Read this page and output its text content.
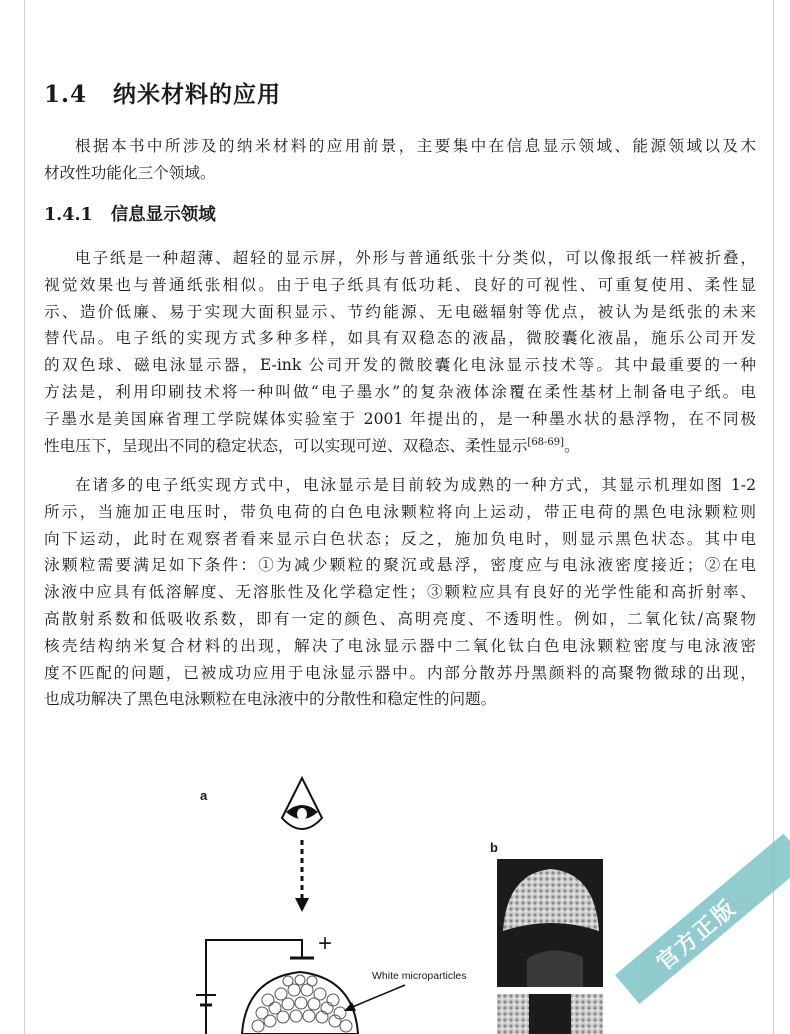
1.4 纳米材料的应用
根据本书中所涉及的纳米材料的应用前景，主要集中在信息显示领域、能源领域以及木
材改性功能化三个领域。
1.4.1 信息显示领域
电子纸是一种超薄、超轻的显示屏，外形与普通纸张十分类似，可以像报纸一样被折叠，
视觉效果也与普通纸张相似。由于电子纸具有低功耗、良好的可视性、可重复使用、柔性显
示、造价低廉、易于实现大面积显示、节约能源、无电磁辐射等优点，被认为是纸张的未来
替代品。电子纸的实现方式多种多样，如具有双稳态的液晶，微胶囊化液晶，施乐公司开发
的双色球、磁电泳显示器，E-ink 公司开发的微胶囊化电泳显示技术等。其中最重要的一种
方法是，利用印刷技术将一种叫做“电子墨水”的复杂液体涂覆在柔性基材上制备电子纸。电
子墨水是美国麻省理工学院媒体实验室于 2001 年提出的，是一种墨水状的悬浮物，在不同极
性电压下，呈现出不同的稳定状态，可以实现可逆、双稳态、柔性显示[68-69]。
在诸多的电子纸实现方式中，电泳显示是目前较为成熟的一种方式，其显示机理如图 1-2
所示，当施加正电压时，带负电荷的白色电泳颗粒将向上运动，带正电荷的黑色电泳颗粒则
向下运动，此时在观察者看来显示白色状态；反之，施加负电时，则显示黑色状态。其中电
泳颗粒需要满足如下条件：①为减少颗粒的聚沉或悬浮，密度应与电泳液密度接近；②在电
泳液中应具有低溶解度、无溶胀性及化学稳定性；③颗粒应具有良好的光学性能和高折射率、
高散射系数和低吸收系数，即有一定的颜色、高明亮度、不透明性。例如，二氧化钛/高聚物
核壳结构纳米复合材料的出现，解决了电泳显示器中二氧化钛白色电泳颗粒密度与电泳液密
度不匹配的问题，已被成功应用于电泳显示器中。内部分散苏丹黑颜料的高聚物微球的出现，
也成功解决了黑色电泳颗粒在电泳液中的分散性和稳定性的问题。
a
b
+
White microparticles	官方正版
